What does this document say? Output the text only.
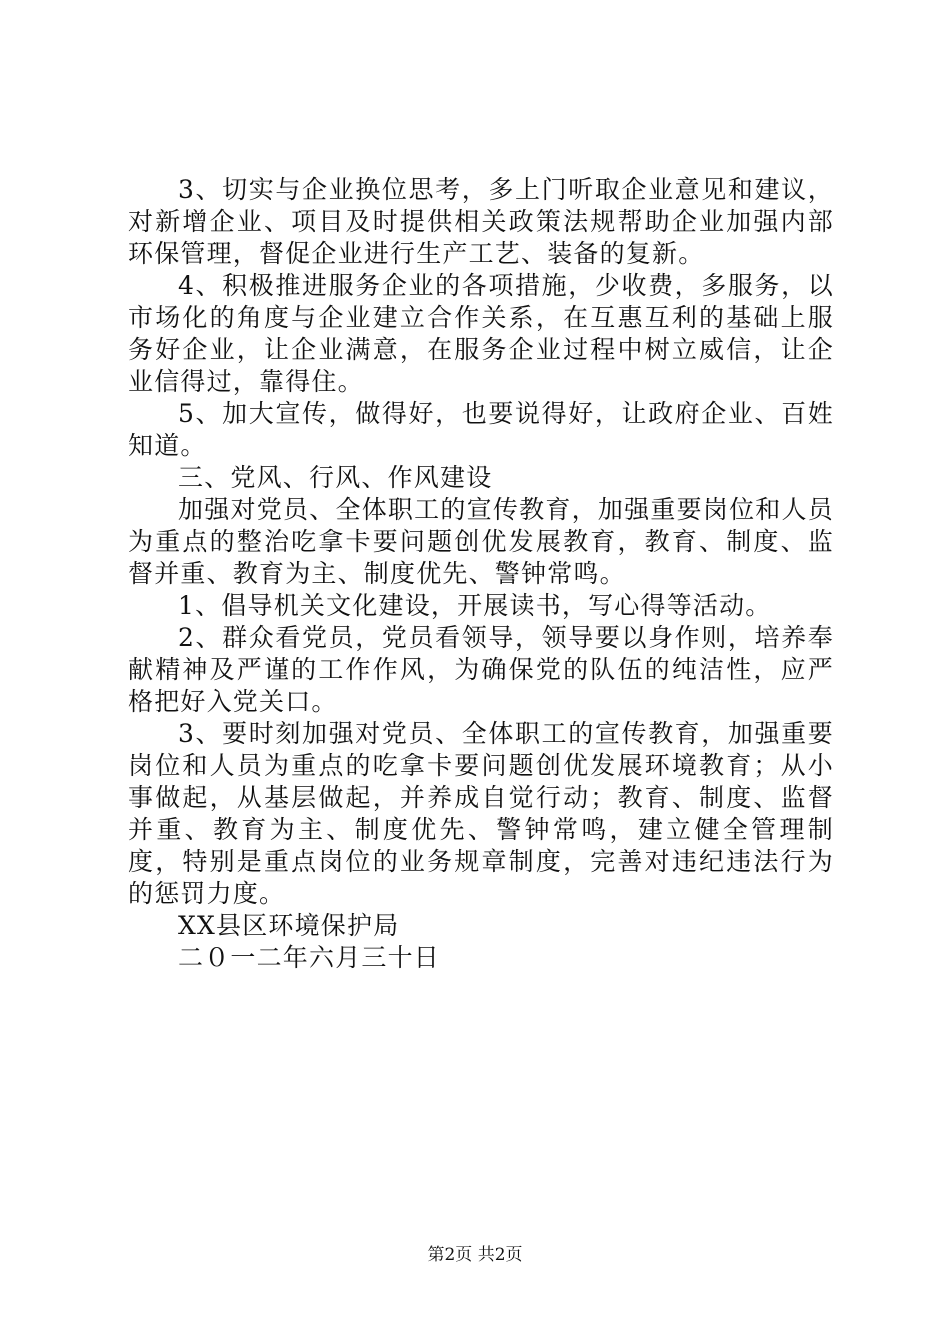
3、切实与企业换位思考，多上门听取企业意见和建议，对新增企业、项目及时提供相关政策法规帮助企业加强内部环保管理，督促企业进行生产工艺、装备的复新。

4、积极推进服务企业的各项措施，少收费，多服务，以市场化的角度与企业建立合作关系，在互惠互利的基础上服务好企业，让企业满意，在服务企业过程中树立威信，让企业信得过，靠得住。

5、加大宣传，做得好，也要说得好，让政府企业、百姓知道。

三、党风、行风、作风建设

加强对党员、全体职工的宣传教育，加强重要岗位和人员为重点的整治吃拿卡要问题创优发展教育，教育、制度、监督并重、教育为主、制度优先、警钟常鸣。

1、倡导机关文化建设，开展读书，写心得等活动。

2、群众看党员，党员看领导，领导要以身作则，培养奉献精神及严谨的工作作风，为确保党的队伍的纯洁性，应严格把好入党关口。

3、要时刻加强对党员、全体职工的宣传教育，加强重要岗位和人员为重点的吃拿卡要问题创优发展环境教育；从小事做起，从基层做起，并养成自觉行动；教育、制度、监督并重、教育为主、制度优先、警钟常鸣，建立健全管理制度，特别是重点岗位的业务规章制度，完善对违纪违法行为的惩罚力度。

XX县区环境保护局

二０一二年六月三十日

第2页 共2页
